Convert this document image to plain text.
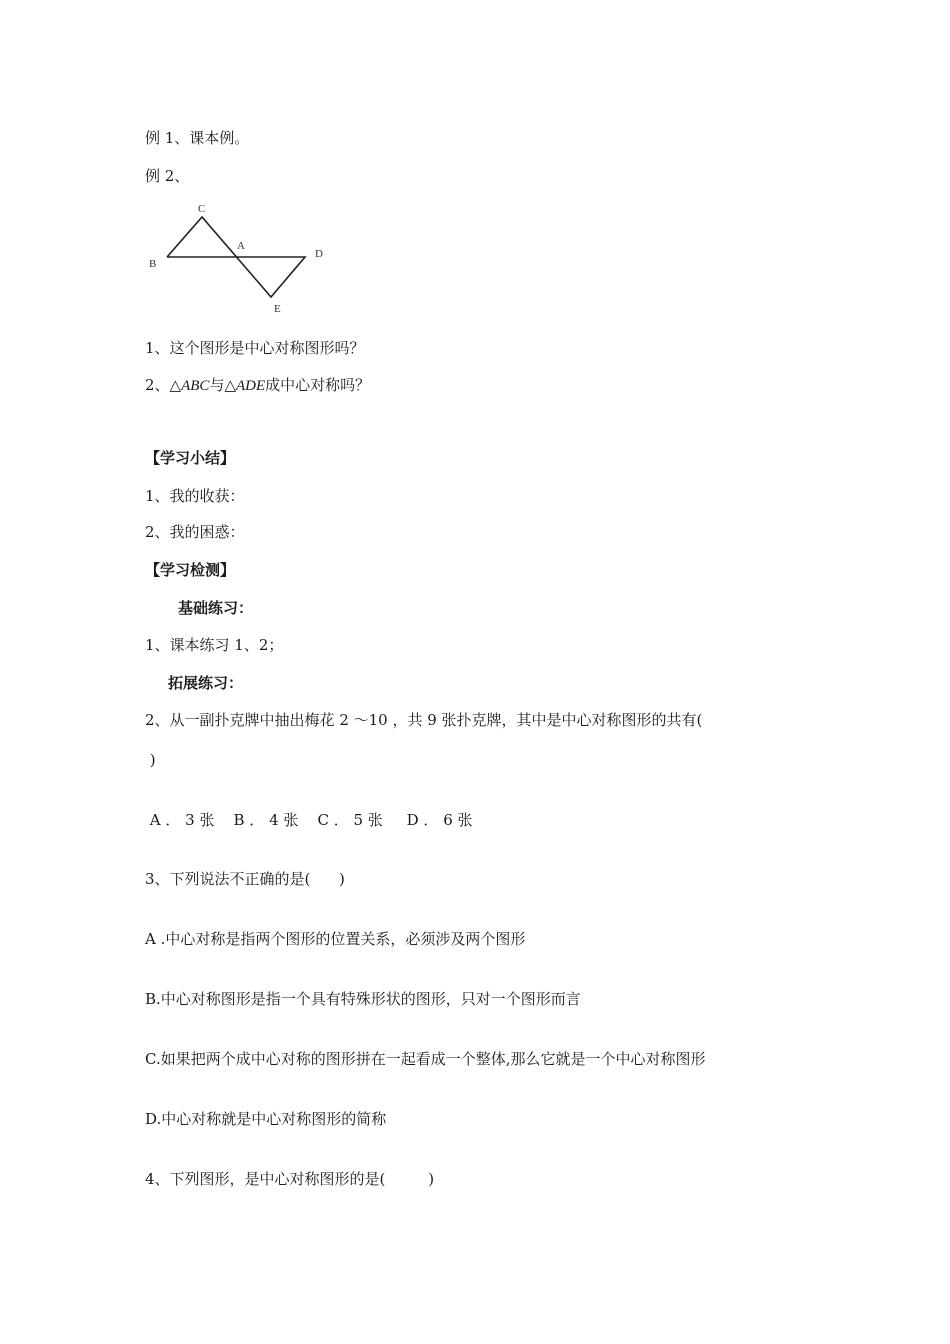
例 1、课本例。
例 2、
C
B
A
D
E
1、这个图形是中心对称图形吗？
2、△ABC与△ADE成中心对称吗？
【学习小结】
1、我的收获：
2、我的困惑：
【学习检测】
基础练习：
1、课本练习 1、2；
拓展练习：
2、从一副扑克牌中抽出梅花 2 ～10 ，共 9 张扑克牌，其中是中心对称图形的共有(
)
A ． 3 张    B ． 4 张    C ． 5 张     D ． 6 张
3、下列说法不正确的是(      )
A .中心对称是指两个图形的位置关系，必须涉及两个图形
B.中心对称图形是指一个具有特殊形状的图形，只对一个图形而言
C.如果把两个成中心对称的图形拼在一起看成一个整体,那么它就是一个中心对称图形
D.中心对称就是中心对称图形的简称
4、下列图形，是中心对称图形的是(         )
